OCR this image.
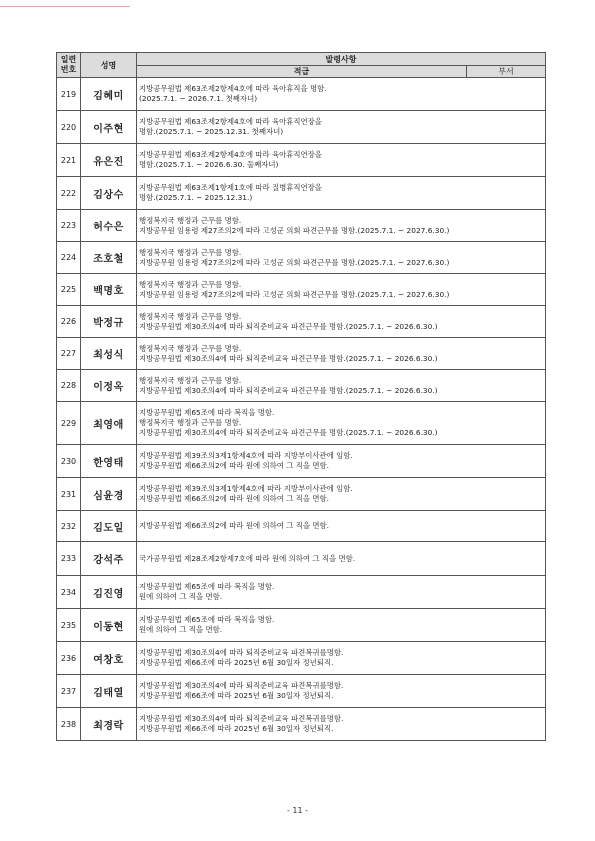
일련
번호	성명	발령사항	
		적급	부서
219	김혜미	지방공무원법 제63조제2항제4호에 따라 육아휴직을 명함.
(2025.7.1. ~ 2026.7.1. 첫째자녀)	

220	이주현	지방공무원법 제63조제2항제4호에 따라 육아휴직연장을
명함.(2025.7.1. ~ 2025.12.31. 첫째자녀)	

221	유은진	지방공무원법 제63조제2항제4호에 따라 육아휴직연장을
명함.(2025.7.1. ~ 2026.6.30. 둘째자녀)	

222	김상수	지방공무원법 제63조제1항제1호에 따라 질병휴직연장을
명함.(2025.7.1. ~ 2025.12.31.)	

223	허수은	행정복지국 행정과 근무를 명함.
지방공무원 임용령 제27조의2에 따라 고성군 의회 파견근무를 명함.(2025.7.1. ~ 2027.6.30.)	

224	조호철	행정복지국 행정과 근무를 명함.
지방공무원 임용령 제27조의2에 따라 고성군 의회 파견근무를 명함.(2025.7.1. ~ 2027.6.30.)	

225	백명호	행정복지국 행정과 근무를 명함.
지방공무원 임용령 제27조의2에 따라 고성군 의회 파견근무를 명함.(2025.7.1. ~ 2027.6.30.)	

226	박정규	행정복지국 행정과 근무를 명함.
지방공무원법 제30조의4에 따라 퇴직준비교육 파견근무를 명함.(2025.7.1. ~ 2026.6.30.)	

227	최성식	행정복지국 행정과 근무를 명함.
지방공무원법 제30조의4에 따라 퇴직준비교육 파견근무를 명함.(2025.7.1. ~ 2026.6.30.)	

228	이정옥	행정복지국 행정과 근무를 명함.
지방공무원법 제30조의4에 따라 퇴직준비교육 파견근무를 명함.(2025.7.1. ~ 2026.6.30.)	

229	최영애	지방공무원법 제65조에 따라 복직을 명함.
행정복지국 행정과 근무를 명함.
지방공무원법 제30조의4에 따라 퇴직준비교육 파견근무를 명함.(2025.7.1. ~ 2026.6.30.)	

230	한영태	지방공무원법 제39조의3제1항제4호에 따라 지방부이사관에 임함.
지방공무원법 제66조의2에 따라 원에 의하여 그 직을 면함.	

231	심윤경	지방공무원법 제39조의3제1항제4호에 따라 지방부이사관에 임함.
지방공무원법 제66조의2에 따라 원에 의하여 그 직을 면함.	

232	김도일	지방공무원법 제66조의2에 따라 원에 의하여 그 직을 면함.	

233	강석주	국가공무원법 제28조제2항제7호에 따라 원에 의하여 그 직을 면함.	

234	김진영	지방공무원법 제65조에 따라 복직을 명함.
원에 의하여 그 직을 면함.	

235	이동현	지방공무원법 제65조에 따라 복직을 명함.
원에 의하여 그 직을 면함.	

236	여창호	지방공무원법 제30조의4에 따라 퇴직준비교육 파견복귀를명함.
지방공무원법 제66조에 따라 2025년 6월 30일자 정년퇴직.	

237	김태열	지방공무원법 제30조의4에 따라 퇴직준비교육 파견복귀를명함.
지방공무원법 제66조에 따라 2025년 6월 30일자 정년퇴직.	

238	최경락	지방공무원법 제30조의4에 따라 퇴직준비교육 파견복귀를명함.
지방공무원법 제66조에 따라 2025년 6월 30일자 정년퇴직.	
- 11 -
